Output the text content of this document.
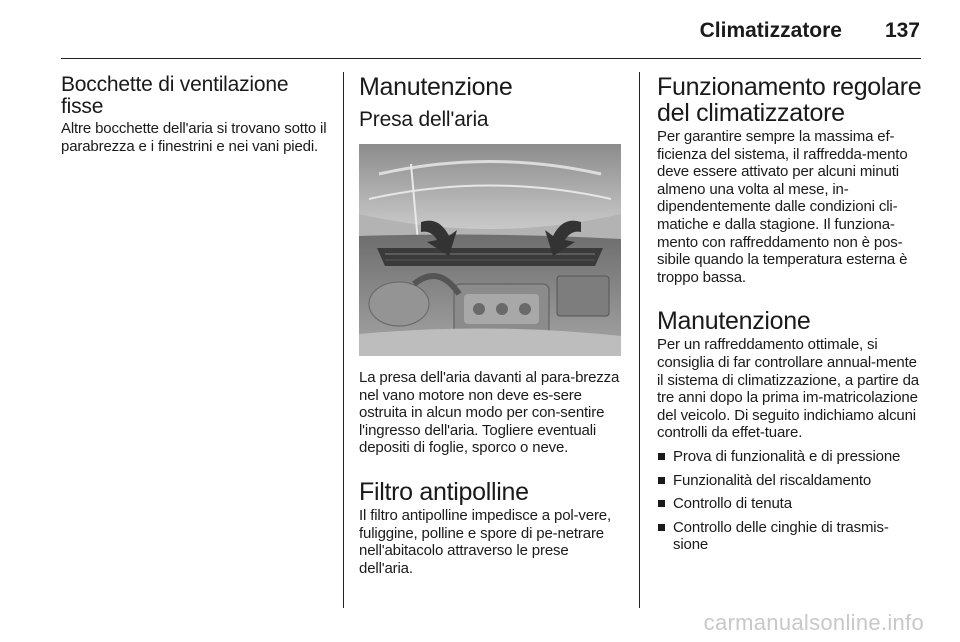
Climatizzatore 137
Bocchette di ventilazione fisse

Altre bocchette dell'aria si trovano sotto il parabrezza e i finestrini e nei vani piedi.

Manutenzione
Presa dell'aria

La presa dell'aria davanti al para-brezza nel vano motore non deve es-sere ostruita in alcun modo per con-sentire l'ingresso dell'aria. Togliere eventuali depositi di foglie, sporco o neve.

Filtro antipolline

Il filtro antipolline impedisce a pol-vere, fuliggine, polline e spore di pe-netrare nell'abitacolo attraverso le prese dell'aria.

Funzionamento regolare del climatizzatore

Per garantire sempre la massima ef-ficienza del sistema, il raffredda-mento deve essere attivato per alcuni minuti almeno una volta al mese, in-dipendentemente dalle condizioni cli-matiche e dalla stagione. Il funziona-mento con raffreddamento non è pos-sibile quando la temperatura esterna è troppo bassa.

Manutenzione

Per un raffreddamento ottimale, si consiglia di far controllare annual-mente il sistema di climatizzazione, a partire da tre anni dopo la prima im-matricolazione del veicolo. Di seguito indichiamo alcuni controlli da effet-tuare.

Prova di funzionalità e di pressione
Funzionalità del riscaldamento
Controllo di tenuta
Controllo delle cinghie di trasmis-sione
carmanualsonline.info
